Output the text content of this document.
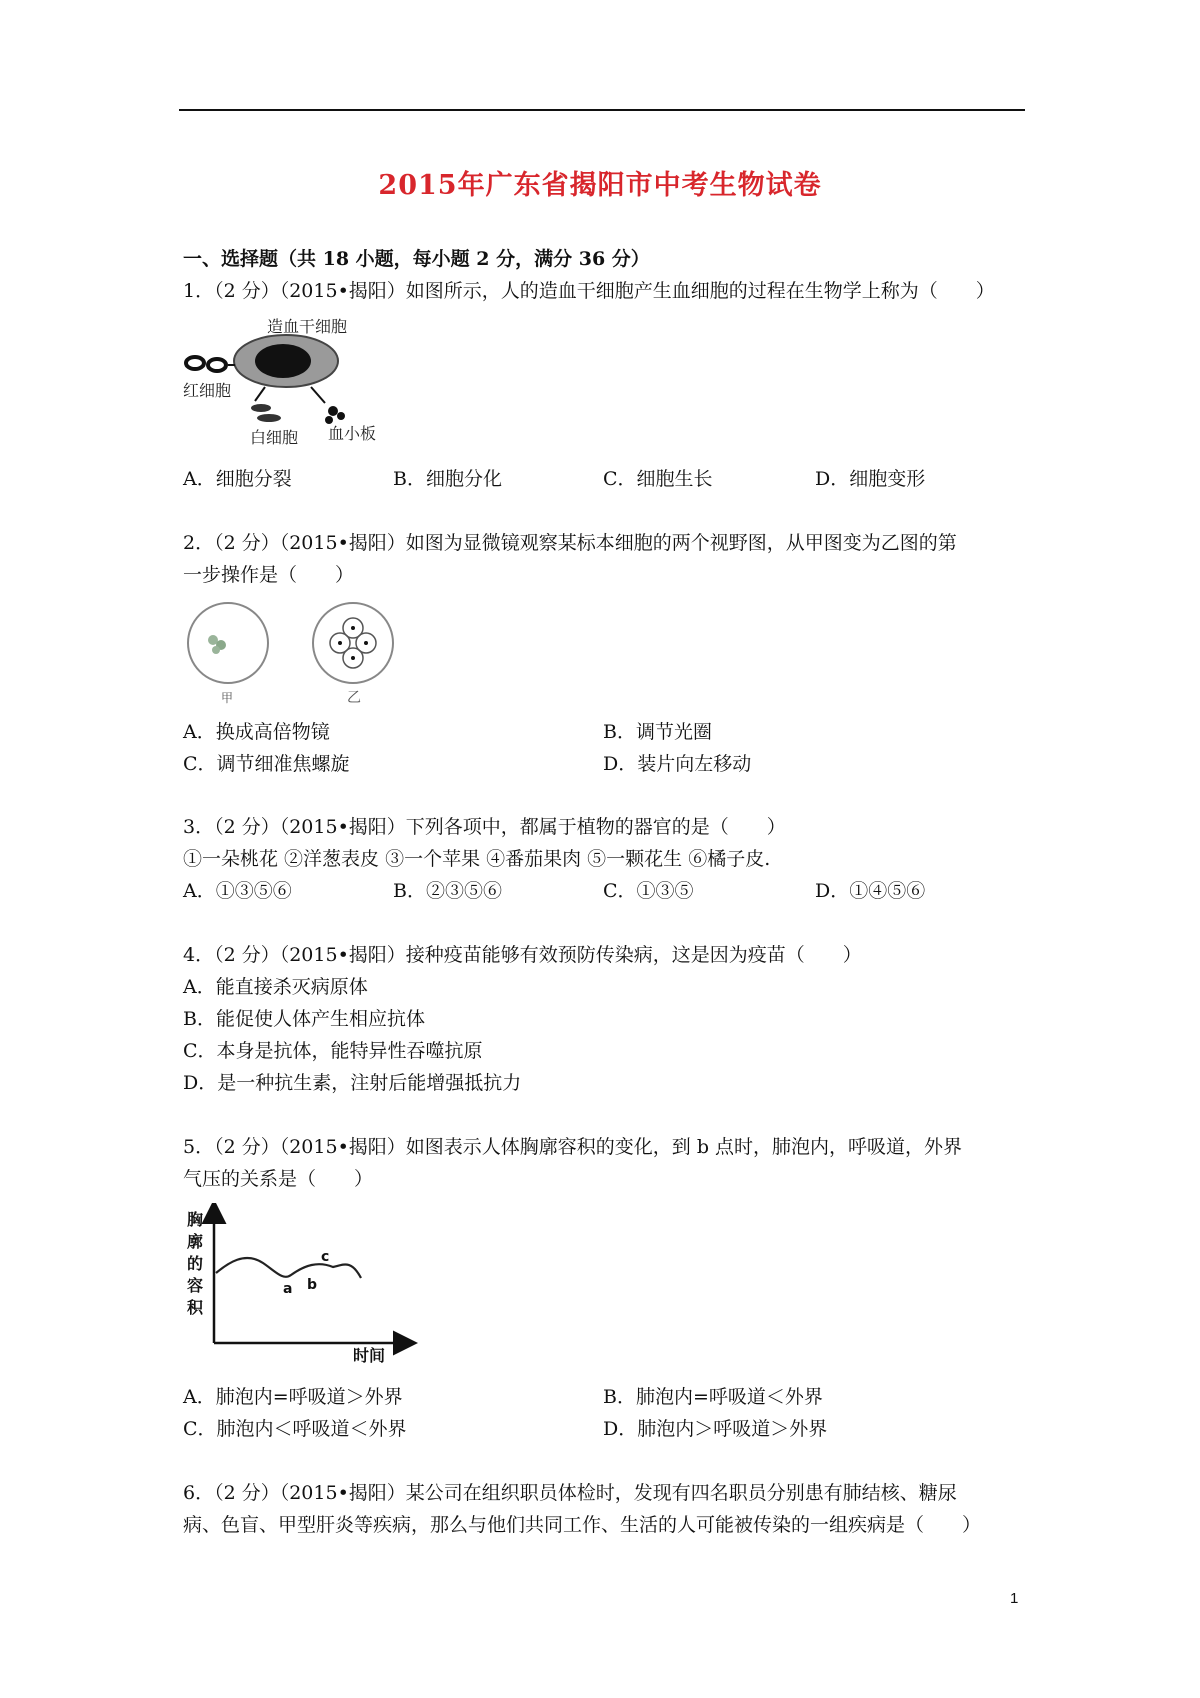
2015年广东省揭阳市中考生物试卷
一、选择题（共 18 小题，每小题 2 分，满分 36 分）
1．（2 分）（2015•揭阳）如图所示，人的造血干细胞产生血细胞的过程在生物学上称为（　　）
造血干细胞
红细胞
白细胞 血小板
A．细胞分裂	B．细胞分化	C．细胞生长	D．细胞变形
2．（2 分）（2015•揭阳）如图为显微镜观察某标本细胞的两个视野图，从甲图变为乙图的第
一步操作是（　　）
甲	乙
A．换成高倍物镜	B．调节光圈
C．调节细准焦螺旋	D．装片向左移动
3．（2 分）（2015•揭阳）下列各项中，都属于植物的器官的是（　　）
①一朵桃花 ②洋葱表皮 ③一个苹果 ④番茄果肉 ⑤一颗花生 ⑥橘子皮.
A．①③⑤⑥	B．②③⑤⑥	C．①③⑤	D．①④⑤⑥
4．（2 分）（2015•揭阳）接种疫苗能够有效预防传染病，这是因为疫苗（　　）
A．能直接杀灭病原体
B．能促使人体产生相应抗体
C．本身是抗体，能特异性吞噬抗原
D．是一种抗生素，注射后能增强抵抗力
5．（2 分）（2015•揭阳）如图表示人体胸廓容积的变化，到 b 点时，肺泡内，呼吸道，外界
气压的关系是（　　）
胸
廓
的
容
积
a b
c
时间
A．肺泡内=呼吸道＞外界	B．肺泡内=呼吸道＜外界
C．肺泡内＜呼吸道＜外界	D．肺泡内＞呼吸道＞外界
6．（2 分）（2015•揭阳）某公司在组织职员体检时，发现有四名职员分别患有肺结核、糖尿
病、色盲、甲型肝炎等疾病，那么与他们共同工作、生活的人可能被传染的一组疾病是（　　）
1
